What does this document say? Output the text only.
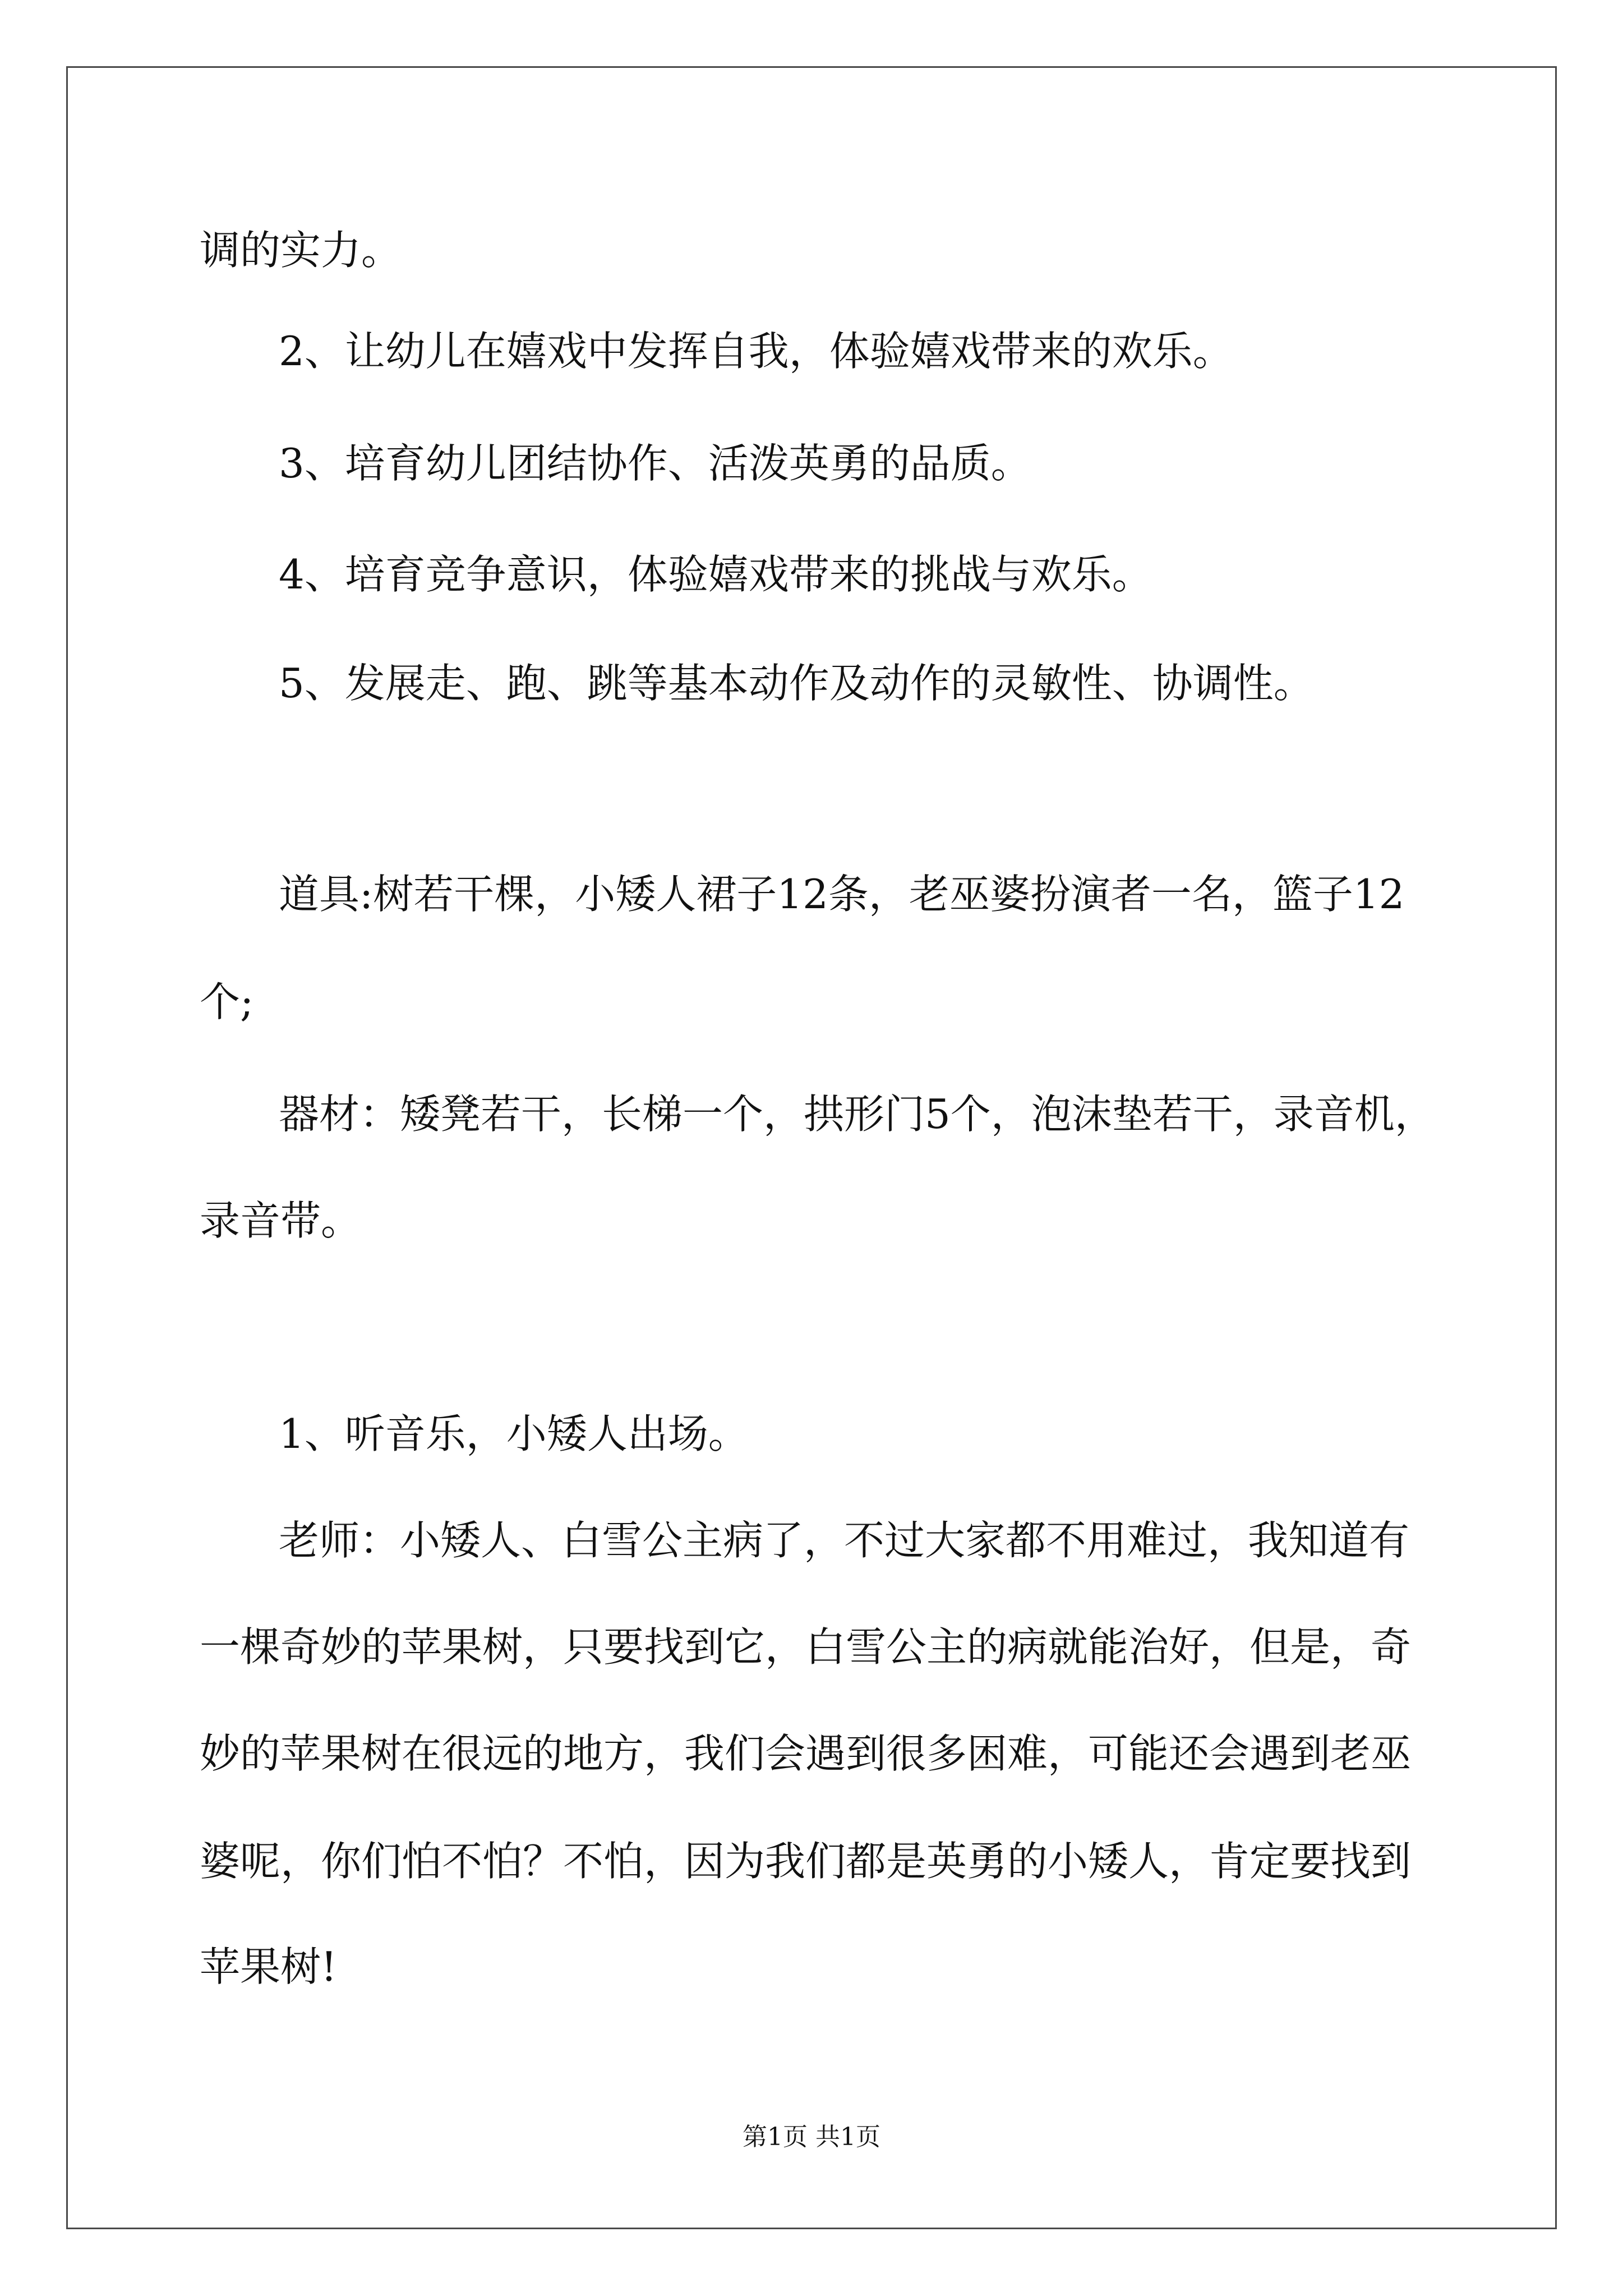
调的实力。
2、让幼儿在嬉戏中发挥自我，体验嬉戏带来的欢乐。
3、培育幼儿团结协作、活泼英勇的品质。
4、培育竞争意识，体验嬉戏带来的挑战与欢乐。
5、发展走、跑、跳等基本动作及动作的灵敏性、协调性。
道具:树若干棵，小矮人裙子12条，老巫婆扮演者一名，篮子12
个;
器材：矮凳若干，长梯一个，拱形门5个，泡沫垫若干，录音机，
录音带。
1、听音乐，小矮人出场。
老师：小矮人、白雪公主病了，不过大家都不用难过，我知道有
一棵奇妙的苹果树，只要找到它，白雪公主的病就能治好，但是，奇
妙的苹果树在很远的地方，我们会遇到很多困难，可能还会遇到老巫
婆呢，你们怕不怕？不怕，因为我们都是英勇的小矮人，肯定要找到
苹果树!
第1页 共1页
